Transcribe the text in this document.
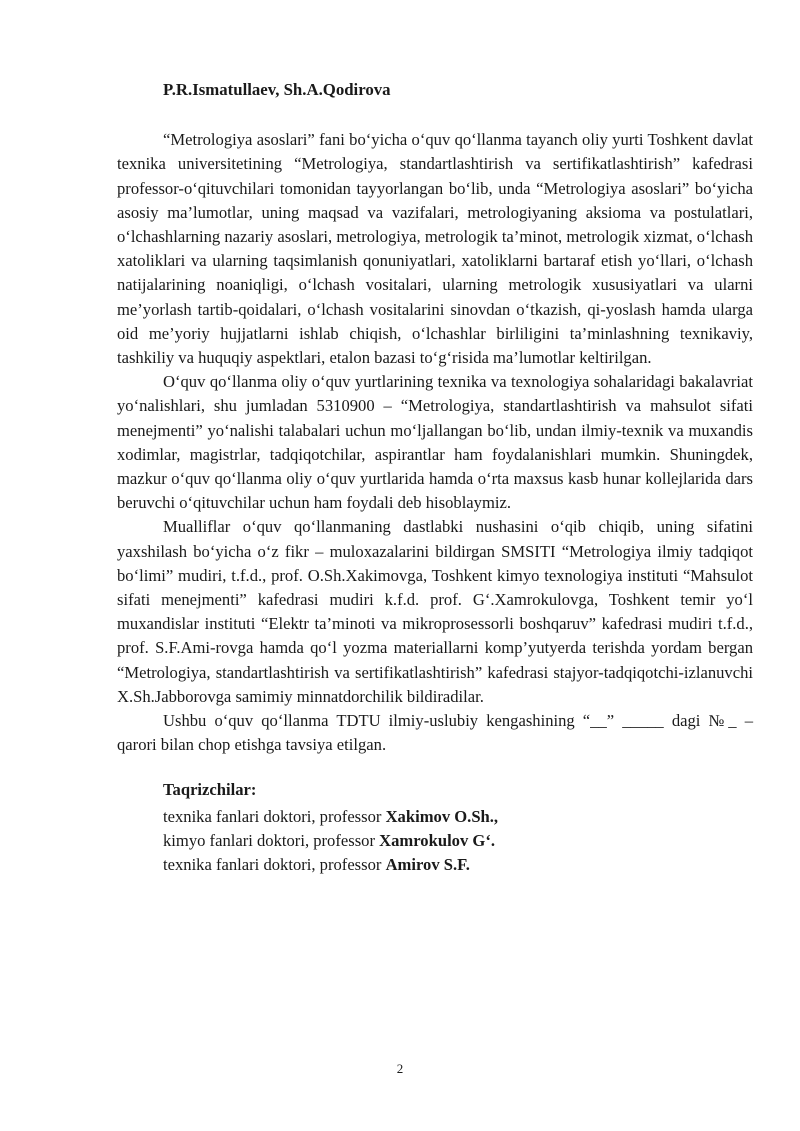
P.R.Ismatullaev, Sh.A.Qodirova

“Metrologiya asoslari” fani bo‘yicha o‘quv qo‘llanma tayanch oliy yurti Toshkent davlat texnika universitetining “Metrologiya, standartlashtirish va sertifikatlashtirish” kafedrasi professor-o‘qituvchilari tomonidan tayyorlangan bo‘lib, unda “Metrologiya asoslari” bo‘yicha asosiy ma’lumotlar, uning maqsad va vazifalari, metrologiyaning aksioma va postulatlari, o‘lchashlarning nazariy asoslari, metrologiya, metrologik ta’minot, metrologik xizmat, o‘lchash xatoliklari va ularning taqsimlanish qonuniyatlari, xatoliklarni bartaraf etish yo‘llari, o‘lchash natijalarining noaniqligi, o‘lchash vositalari, ularning metrologik xususiyatlari va ularni me’yorlash tartib-qoidalari, o‘lchash vositalarini sinovdan o‘tkazish, qi-yoslash hamda ularga oid me’yoriy hujjatlarni ishlab chiqish, o‘lchashlar birliligini ta’minlashning texnikaviy, tashkiliy va huquqiy aspektlari, etalon bazasi to‘g‘risida ma’lumotlar keltirilgan.

O‘quv qo‘llanma oliy o‘quv yurtlarining texnika va texnologiya sohalaridagi bakalavriat yo‘nalishlari, shu jumladan 5310900 – “Metrologiya, standartlashtirish va mahsulot sifati menejmenti” yo‘nalishi talabalari uchun mo‘ljallangan bo‘lib, undan ilmiy-texnik va muxandis xodimlar, magistrlar, tadqiqotchilar, aspirantlar ham foydalanishlari mumkin. Shuningdek, mazkur o‘quv qo‘llanma oliy o‘quv yurtlarida hamda o‘rta maxsus kasb hunar kollejlarida dars beruvchi o‘qituvchilar uchun ham foydali deb hisoblaymiz.

Mualliflar o‘quv qo‘llanmaning dastlabki nushasini o‘qib chiqib, uning sifatini yaxshilash bo‘yicha o‘z fikr – muloxazalarini bildirgan SMSITI “Metrologiya ilmiy tadqiqot bo‘limi” mudiri, t.f.d., prof. O.Sh.Xakimovga, Toshkent kimyo texnologiya instituti “Mahsulot sifati menejmenti” kafedrasi mudiri k.f.d. prof. G‘.Xamrokulovga, Toshkent temir yo‘l muxandislar instituti “Elektr ta’minoti va mikroprosessorli boshqaruv” kafedrasi mudiri t.f.d., prof. S.F.Ami-rovga hamda qo‘l yozma materiallarni komp’yutyerda terishda yordam bergan “Metrologiya, standartlashtirish va sertifikatlashtirish” kafedrasi stajyor-tadqiqotchi-izlanuvchi X.Sh.Jabborovga samimiy minnatdorchilik bildiradilar.

Ushbu o‘quv qo‘llanma TDTU ilmiy-uslubiy kengashining “__” _____ dagi №_ – qarori bilan chop etishga tavsiya etilgan.

Taqrizchilar:
texnika fanlari doktori, professor Xakimov O.Sh.,
kimyo fanlari doktori, professor Xamrokulov G‘.
texnika fanlari doktori, professor Amirov S.F.
2
